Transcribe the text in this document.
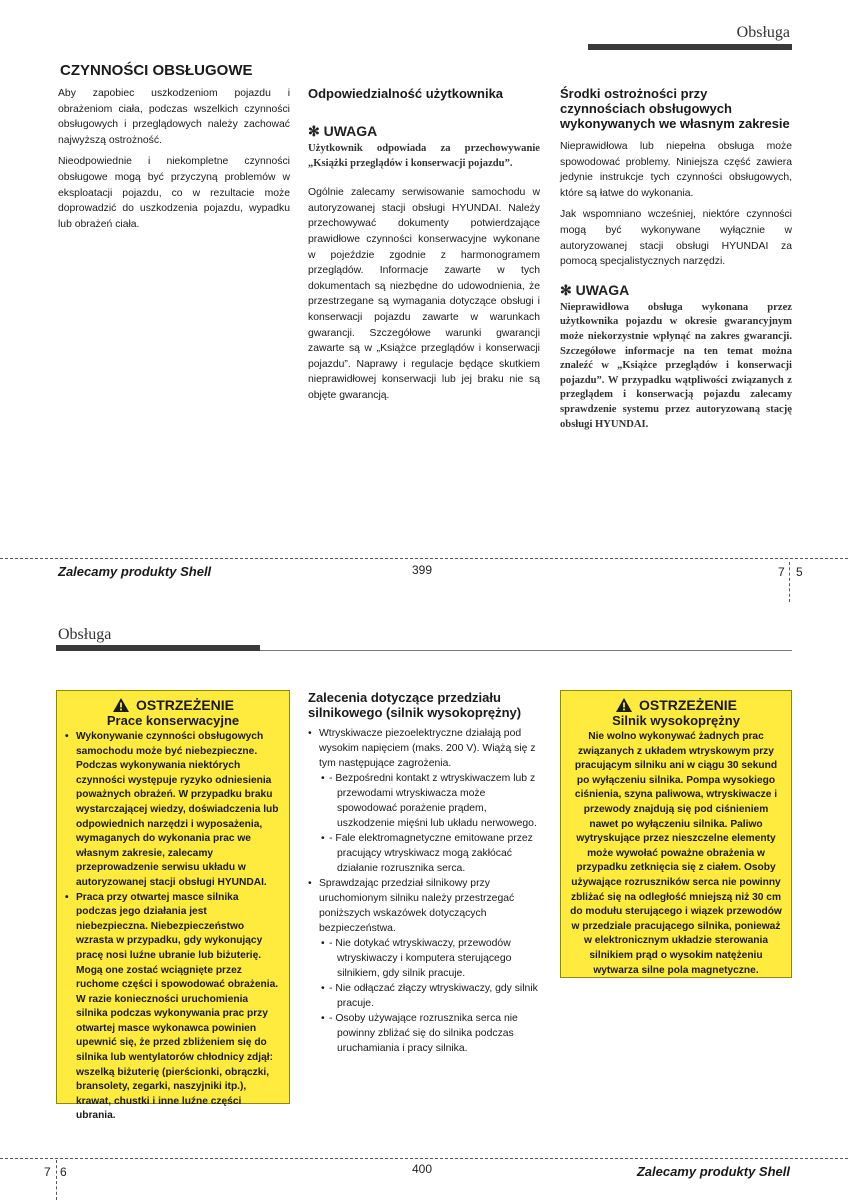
Obsługa
CZYNNOŚCI OBSŁUGOWE

Aby zapobiec uszkodzeniom pojazdu i obrażeniom ciała, podczas wszelkich czynności obsługowych i przeglądowych należy zachować najwyższą ostrożność.

Nieodpowiednie i niekompletne czynności obsługowe mogą być przyczyną problemów w eksploatacji pojazdu, co w rezultacie może doprowadzić do uszkodzenia pojazdu, wypadku lub obrażeń ciała.

Odpowiedzialność użytkownika
✻ UWAGA
Użytkownik odpowiada za przechowywanie „Książki przeglądów i konserwacji pojazdu”.

Ogólnie zalecamy serwisowanie samochodu w autoryzowanej stacji obsługi HYUNDAI. Należy przechowywać dokumenty potwierdzające prawidłowe czynności konserwacyjne wykonane w pojeździe zgodnie z harmonogramem przeglądów. Informacje zawarte w tych dokumentach są niezbędne do udowodnienia, że przestrzegane są wymagania dotyczące obsługi i konserwacji pojazdu zawarte w warunkach gwarancji. Szczegółowe warunki gwarancji zawarte są w „Książce przeglądów i konserwacji pojazdu”. Naprawy i regulacje będące skutkiem nieprawidłowej konserwacji lub jej braku nie są objęte gwarancją.

Środki ostrożności przy czynnościach obsługowych wykonywanych we własnym zakresie

Nieprawidłowa lub niepełna obsługa może spowodować problemy. Niniejsza część zawiera jedynie instrukcje tych czynności obsługowych, które są łatwe do wykonania.

Jak wspomniano wcześniej, niektóre czynności mogą być wykonywane wyłącznie w autoryzowanej stacji obsługi HYUNDAI za pomocą specjalistycznych narzędzi.

✻ UWAGA
Nieprawidłowa obsługa wykonana przez użytkownika pojazdu w okresie gwarancyjnym może niekorzystnie wpłynąć na zakres gwarancji. Szczegółowe informacje na ten temat można znaleźć w „Książce przeglądów i konserwacji pojazdu”. W przypadku wątpliwości związanych z przeglądem i konserwacją pojazdu zalecamy sprawdzenie systemu przez autoryzowaną stację obsługi HYUNDAI.
Zalecamy produkty Shell	399	7 5
Obsługa
OSTRZEŻENIE
Prace konserwacyjne
• Wykonywanie czynności obsługowych samochodu może być niebezpieczne. Podczas wykonywania niektórych czynności występuje ryzyko odniesienia poważnych obrażeń. W przypadku braku wystarczającej wiedzy, doświadczenia lub odpowiednich narzędzi i wyposażenia, wymaganych do wykonania prac we własnym zakresie, zalecamy przeprowadzenie serwisu układu w autoryzowanej stacji obsługi HYUNDAI.
• Praca przy otwartej masce silnika podczas jego działania jest niebezpieczna. Niebezpieczeństwo wzrasta w przypadku, gdy wykonujący pracę nosi luźne ubranie lub biżuterię. Mogą one zostać wciągnięte przez ruchome części i spowodować obrażenia. W razie konieczności uruchomienia silnika podczas wykonywania prac przy otwartej masce wykonawca powinien upewnić się, że przed zbliżeniem się do silnika lub wentylatorów chłodnicy zdjął: wszelką biżuterię (pierścionki, obrączki, bransolety, zegarki, naszyjniki itp.), krawat, chustki i inne luźne części ubrania.
Zalecenia dotyczące przedziału silnikowego (silnik wysokoprężny)
• Wtryskiwacze piezoelektryczne działają pod wysokim napięciem (maks. 200 V). Wiążą się z tym następujące zagrożenia.
• - Bezpośredni kontakt z wtryskiwaczem lub z przewodami wtryskiwacza może spowodować porażenie prądem, uszkodzenie mięśni lub układu nerwowego.
• - Fale elektromagnetyczne emitowane przez pracujący wtryskiwacz mogą zakłócać działanie rozrusznika serca.
• Sprawdzając przedział silnikowy przy uruchomionym silniku należy przestrzegać poniższych wskazówek dotyczących bezpieczeństwa.
• - Nie dotykać wtryskiwaczy, przewodów wtryskiwaczy i komputera sterującego silnikiem, gdy silnik pracuje.
• - Nie odłączać złączy wtryskiwaczy, gdy silnik pracuje.
• - Osoby używające rozrusznika serca nie powinny zbliżać się do silnika podczas uruchamiania i pracy silnika.
OSTRZEŻENIE
Silnik wysokoprężny
Nie wolno wykonywać żadnych prac związanych z układem wtryskowym przy pracującym silniku ani w ciągu 30 sekund po wyłączeniu silnika. Pompa wysokiego ciśnienia, szyna paliwowa, wtryskiwacze i przewody znajdują się pod ciśnieniem nawet po wyłączeniu silnika. Paliwo wytryskujące przez nieszczelne elementy może wywołać poważne obrażenia w przypadku zetknięcia się z ciałem. Osoby używające rozruszników serca nie powinny zbliżać się na odległość mniejszą niż 30 cm do modułu sterującego i wiązek przewodów w przedziale pracującego silnika, ponieważ w elektronicznym układzie sterowania silnikiem prąd o wysokim natężeniu wytwarza silne pola magnetyczne.
7 6	400	Zalecamy produkty Shell
